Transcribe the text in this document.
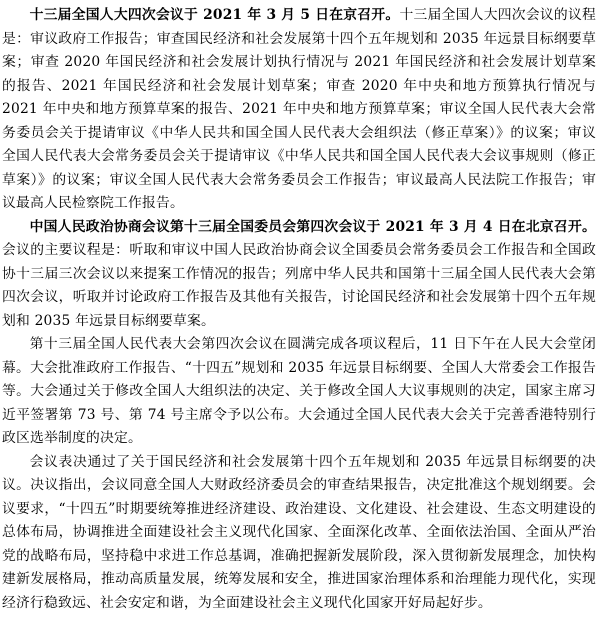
十三届全国人大四次会议于 2021 年 3 月 5 日在京召开。十三届全国人大四次会议的议程是：审议政府工作报告；审查国民经济和社会发展第十四个五年规划和 2035 年远景目标纲要草案；审查 2020 年国民经济和社会发展计划执行情况与 2021 年国民经济和社会发展计划草案的报告、2021 年国民经济和社会发展计划草案；审查 2020 年中央和地方预算执行情况与 2021 年中央和地方预算草案的报告、2021 年中央和地方预算草案；审议全国人民代表大会常务委员会关于提请审议《中华人民共和国全国人民代表大会组织法（修正草案）》的议案；审议全国人民代表大会常务委员会关于提请审议《中华人民共和国全国人民代表大会议事规则（修正草案）》的议案；审议全国人民代表大会常务委员会工作报告；审议最高人民法院工作报告；审议最高人民检察院工作报告。

中国人民政治协商会议第十三届全国委员会第四次会议于 2021 年 3 月 4 日在北京召开。会议的主要议程是：听取和审议中国人民政治协商会议全国委员会常务委员会工作报告和全国政协十三届三次会议以来提案工作情况的报告；列席中华人民共和国第十三届全国人民代表大会第四次会议，听取并讨论政府工作报告及其他有关报告，讨论国民经济和社会发展第十四个五年规划和 2035 年远景目标纲要草案。

第十三届全国人民代表大会第四次会议在圆满完成各项议程后，11 日下午在人民大会堂闭幕。大会批准政府工作报告、“十四五”规划和 2035 年远景目标纲要、全国人大常委会工作报告等。大会通过关于修改全国人大组织法的决定、关于修改全国人大议事规则的决定，国家主席习近平签署第 73 号、第 74 号主席令予以公布。大会通过全国人民代表大会关于完善香港特别行政区选举制度的决定。

会议表决通过了关于国民经济和社会发展第十四个五年规划和 2035 年远景目标纲要的决议。决议指出，会议同意全国人大财政经济委员会的审查结果报告，决定批准这个规划纲要。会议要求，“十四五”时期要统筹推进经济建设、政治建设、文化建设、社会建设、生态文明建设的总体布局，协调推进全面建设社会主义现代化国家、全面深化改革、全面依法治国、全面从严治党的战略布局，坚持稳中求进工作总基调，准确把握新发展阶段，深入贯彻新发展理念，加快构建新发展格局，推动高质量发展，统筹发展和安全，推进国家治理体系和治理能力现代化，实现经济行稳致远、社会安定和谐，为全面建设社会主义现代化国家开好局起好步。
